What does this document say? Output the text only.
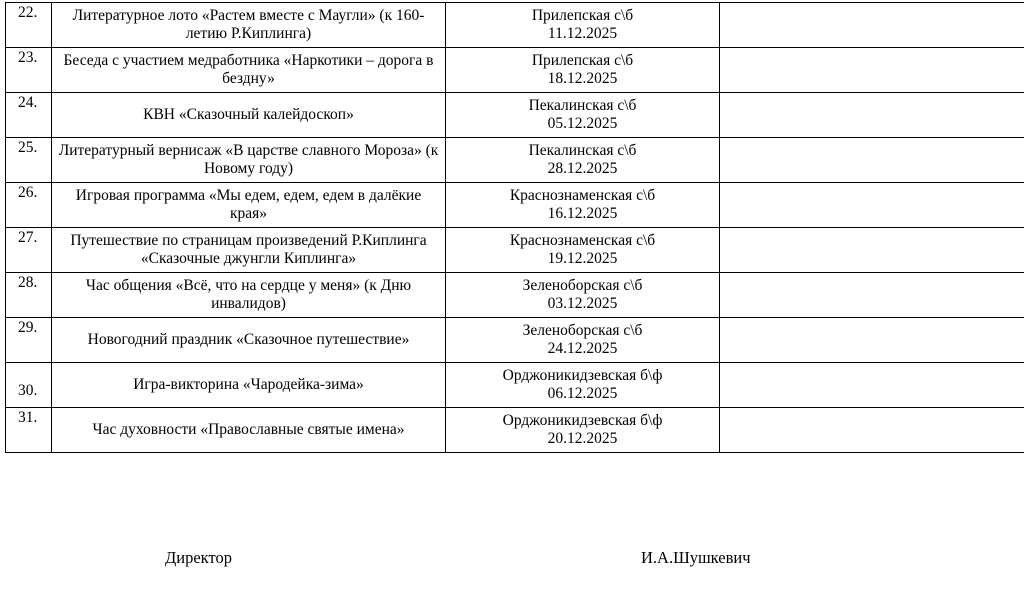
22.	Литературное лото «Растем вместе с Маугли» (к 160-летию Р.Киплинга)	Прилепская с\б
11.12.2025	

23.	Беседа с участием медработника «Наркотики – дорога в бездну»	Прилепская с\б
18.12.2025	

24.	КВН «Сказочный калейдоскоп»	Пекалинская с\б
05.12.2025	

25.	Литературный вернисаж «В царстве славного Мороза» (к Новому году)	Пекалинская с\б
28.12.2025	

26.	Игровая программа «Мы едем, едем, едем в далёкие края»	Краснознаменская с\б
16.12.2025	

27.	Путешествие по страницам произведений Р.Киплинга «Сказочные джунгли Киплинга»	Краснознаменская с\б
19.12.2025	

28.	Час общения «Всё, что на сердце у меня» (к Дню инвалидов)	Зеленоборская с\б
03.12.2025	

29.	Новогодний праздник «Сказочное путешествие»	Зеленоборская с\б
24.12.2025	

30.	Игра-викторина «Чародейка-зима»	Орджоникидзевская б\ф
06.12.2025	

31.	Час духовности «Православные святые имена»	Орджоникидзевская б\ф
20.12.2025	

Директор	И.А.Шушкевич
